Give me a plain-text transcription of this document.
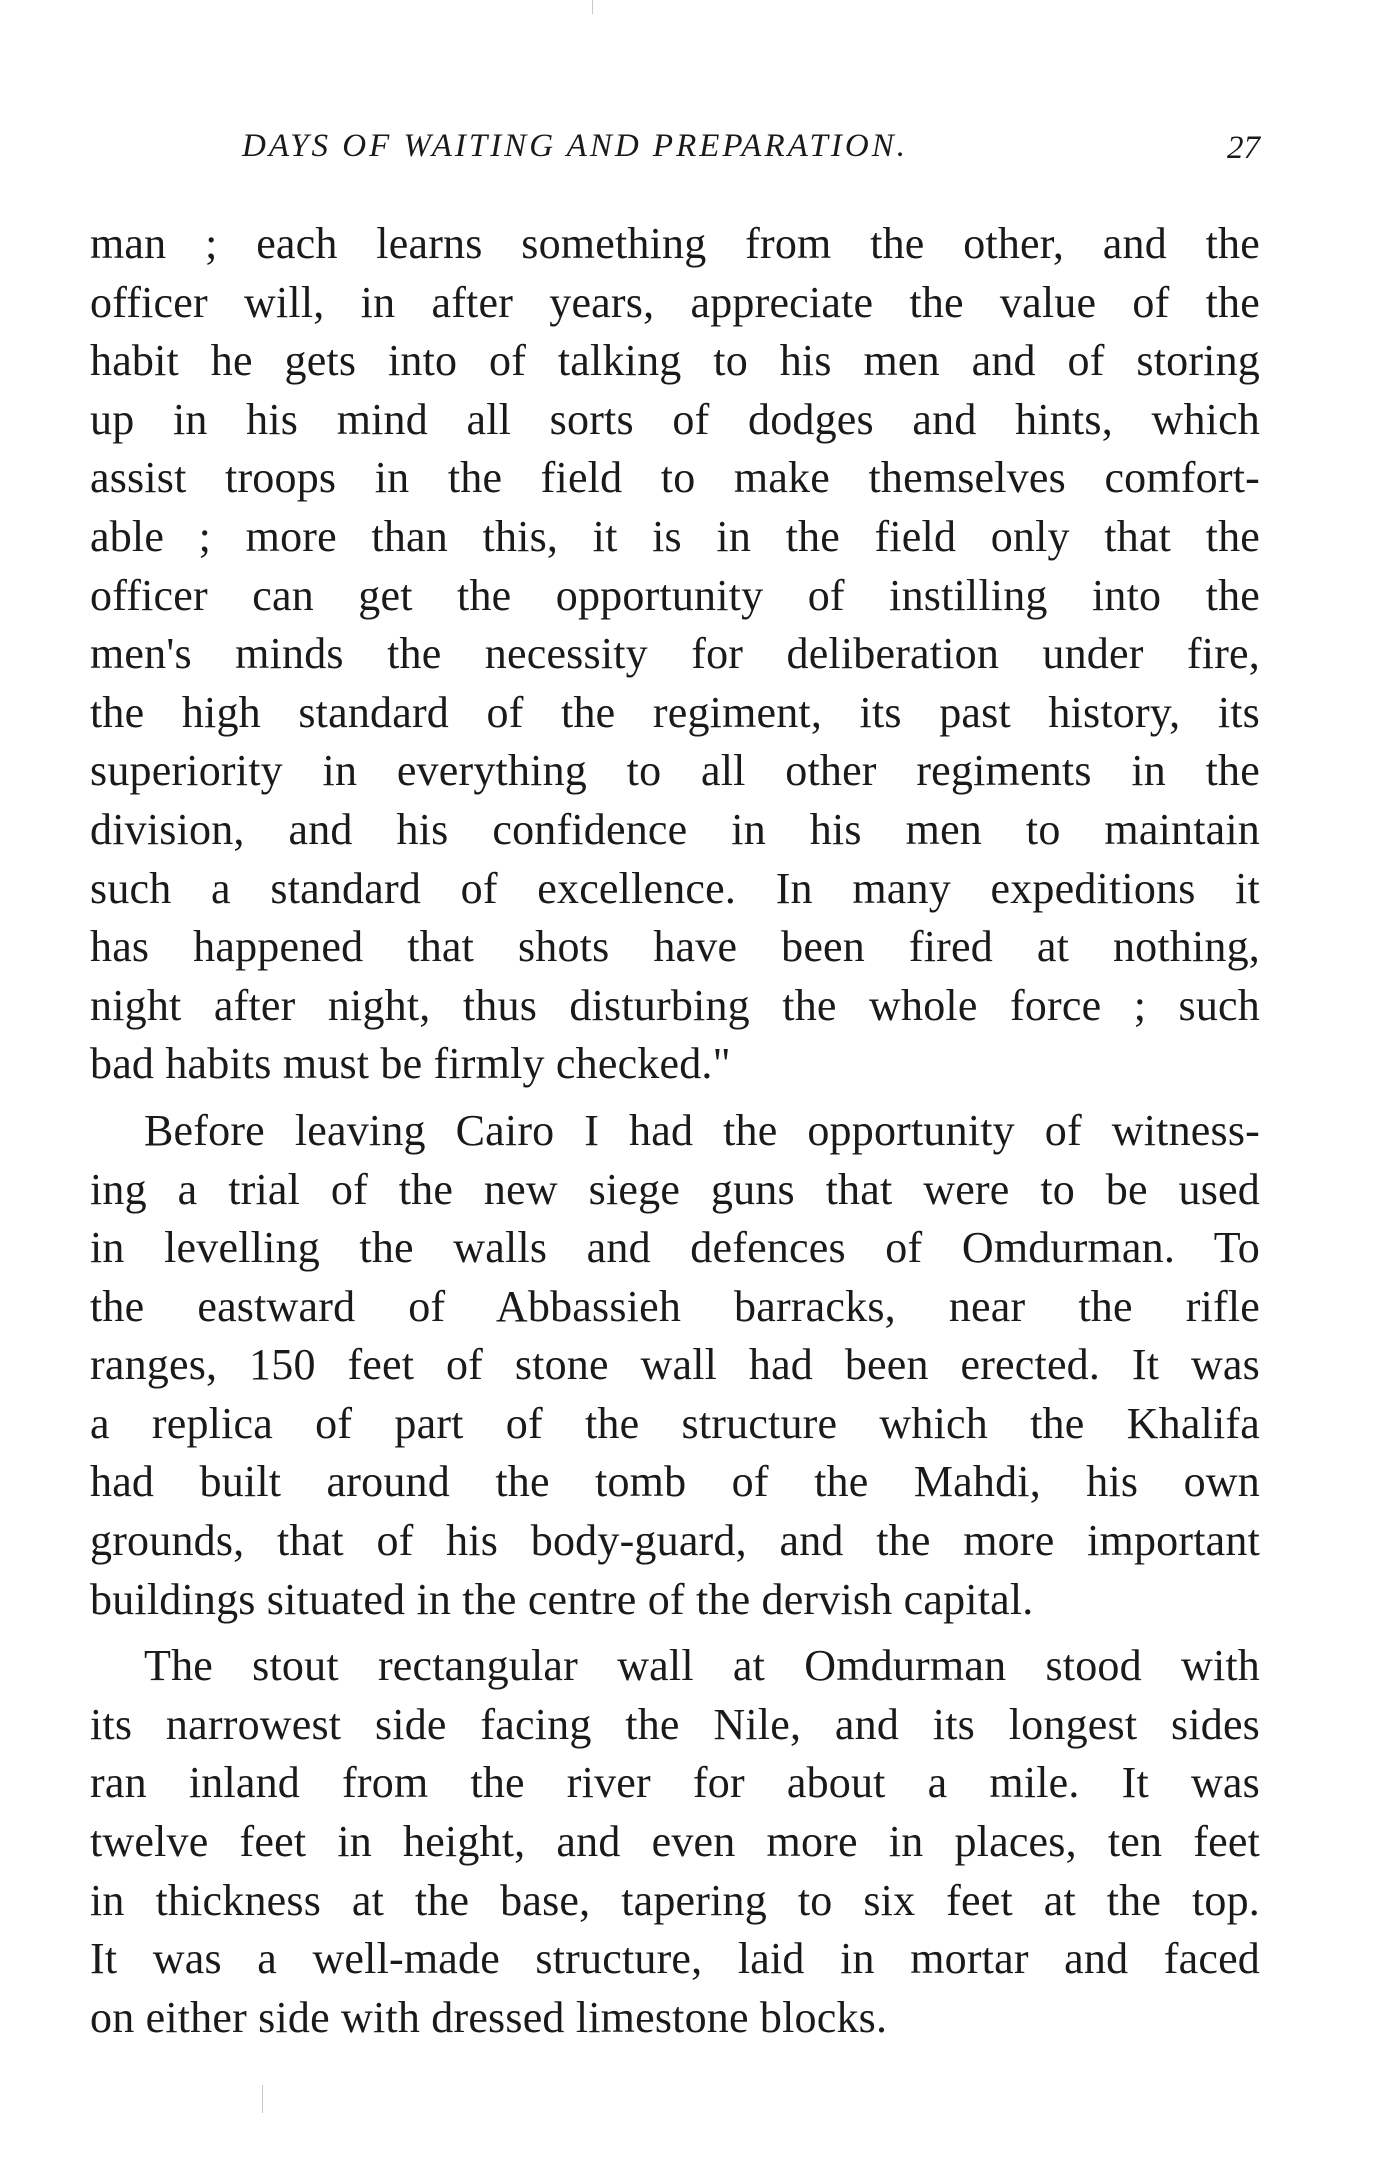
DAYS OF WAITING AND PREPARATION.	27
man ; each learns something from the other, and the
officer will, in after years, appreciate the value of the
habit he gets into of talking to his men and of storing
up in his mind all sorts of dodges and hints, which
assist troops in the field to make themselves comfort-
able ; more than this, it is in the field only that the
officer can get the opportunity of instilling into the
men's minds the necessity for deliberation under fire,
the high standard of the regiment, its past history, its
superiority in everything to all other regiments in the
division, and his confidence in his men to maintain
such a standard of excellence. In many expeditions it
has happened that shots have been fired at nothing,
night after night, thus disturbing the whole force ; such
bad habits must be firmly checked."
Before leaving Cairo I had the opportunity of witness-
ing a trial of the new siege guns that were to be used
in levelling the walls and defences of Omdurman. To
the eastward of Abbassieh barracks, near the rifle
ranges, 150 feet of stone wall had been erected. It was
a replica of part of the structure which the Khalifa
had built around the tomb of the Mahdi, his own
grounds, that of his body-guard, and the more important
buildings situated in the centre of the dervish capital.
The stout rectangular wall at Omdurman stood with
its narrowest side facing the Nile, and its longest sides
ran inland from the river for about a mile. It was
twelve feet in height, and even more in places, ten feet
in thickness at the base, tapering to six feet at the top.
It was a well-made structure, laid in mortar and faced
on either side with dressed limestone blocks.
